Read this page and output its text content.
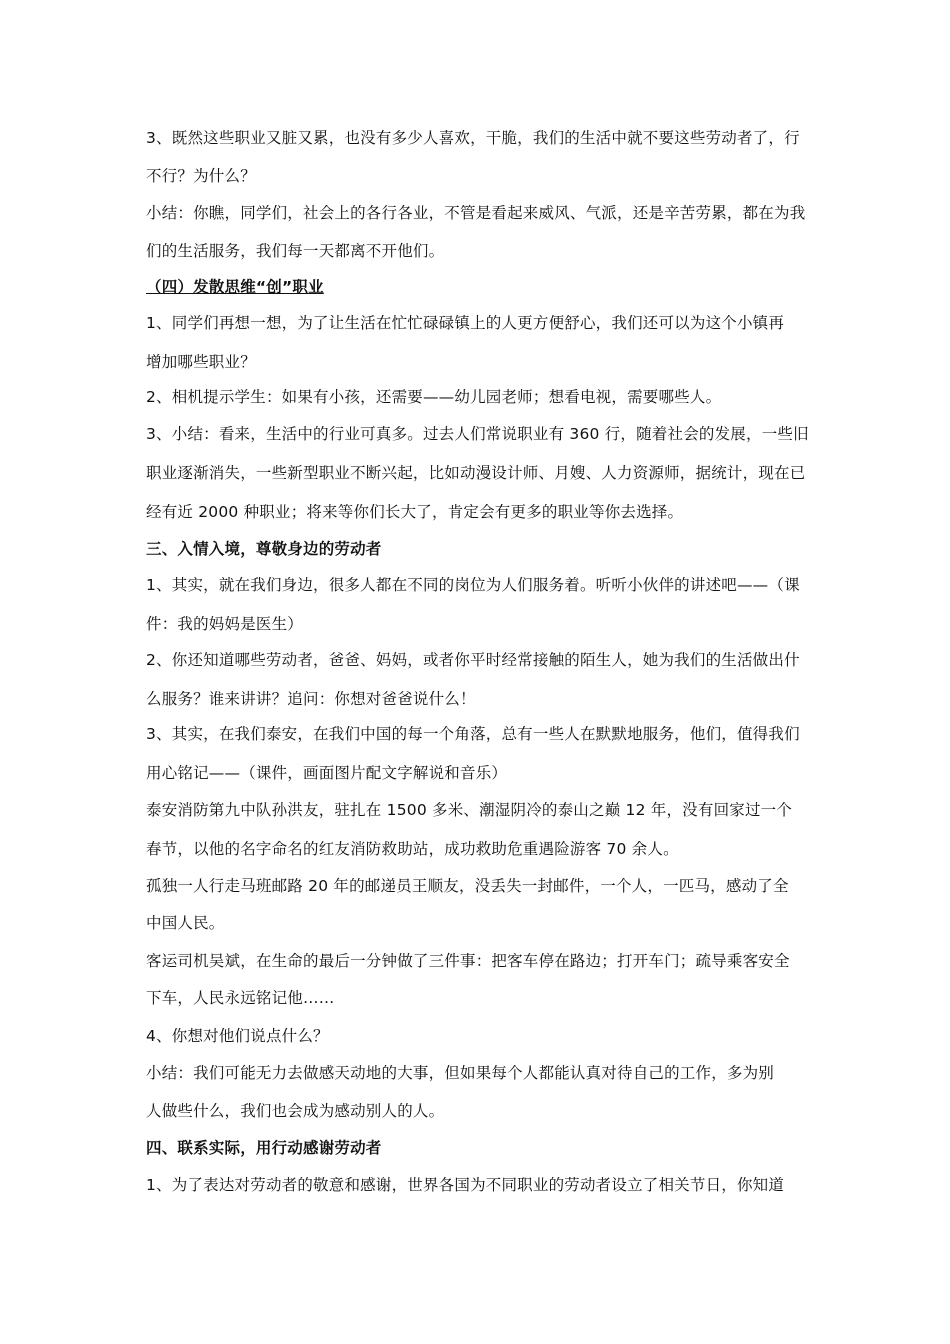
3、既然这些职业又脏又累，也没有多少人喜欢，干脆，我们的生活中就不要这些劳动者了，行
不行？为什么？
小结：你瞧，同学们，社会上的各行各业，不管是看起来威风、气派，还是辛苦劳累，都在为我
们的生活服务，我们每一天都离不开他们。
（四）发散思维“创”职业
1、同学们再想一想，为了让生活在忙忙碌碌镇上的人更方便舒心，我们还可以为这个小镇再
增加哪些职业？
2、相机提示学生：如果有小孩，还需要——幼儿园老师；想看电视，需要哪些人。
3、小结：看来，生活中的行业可真多。过去人们常说职业有 360 行，随着社会的发展，一些旧
职业逐渐消失，一些新型职业不断兴起，比如动漫设计师、月嫂、人力资源师，据统计，现在已
经有近 2000 种职业；将来等你们长大了，肯定会有更多的职业等你去选择。
三、入情入境，尊敬身边的劳动者
1、其实，就在我们身边，很多人都在不同的岗位为人们服务着。听听小伙伴的讲述吧——（课
件：我的妈妈是医生）
2、你还知道哪些劳动者，爸爸、妈妈，或者你平时经常接触的陌生人，她为我们的生活做出什
么服务？谁来讲讲？追问：你想对爸爸说什么！
3、其实，在我们泰安，在我们中国的每一个角落，总有一些人在默默地服务，他们，值得我们
用心铭记——（课件，画面图片配文字解说和音乐）
泰安消防第九中队孙洪友，驻扎在 1500 多米、潮湿阴冷的泰山之巅 12 年，没有回家过一个
春节，以他的名字命名的红友消防救助站，成功救助危重遇险游客 70 余人。
孤独一人行走马班邮路 20 年的邮递员王顺友，没丢失一封邮件，一个人，一匹马，感动了全
中国人民。
客运司机吴斌，在生命的最后一分钟做了三件事：把客车停在路边；打开车门；疏导乘客安全
下车，人民永远铭记他……
4、你想对他们说点什么？
小结：我们可能无力去做感天动地的大事，但如果每个人都能认真对待自己的工作，多为别
人做些什么，我们也会成为感动别人的人。
四、联系实际，用行动感谢劳动者
1、为了表达对劳动者的敬意和感谢，世界各国为不同职业的劳动者设立了相关节日，你知道
